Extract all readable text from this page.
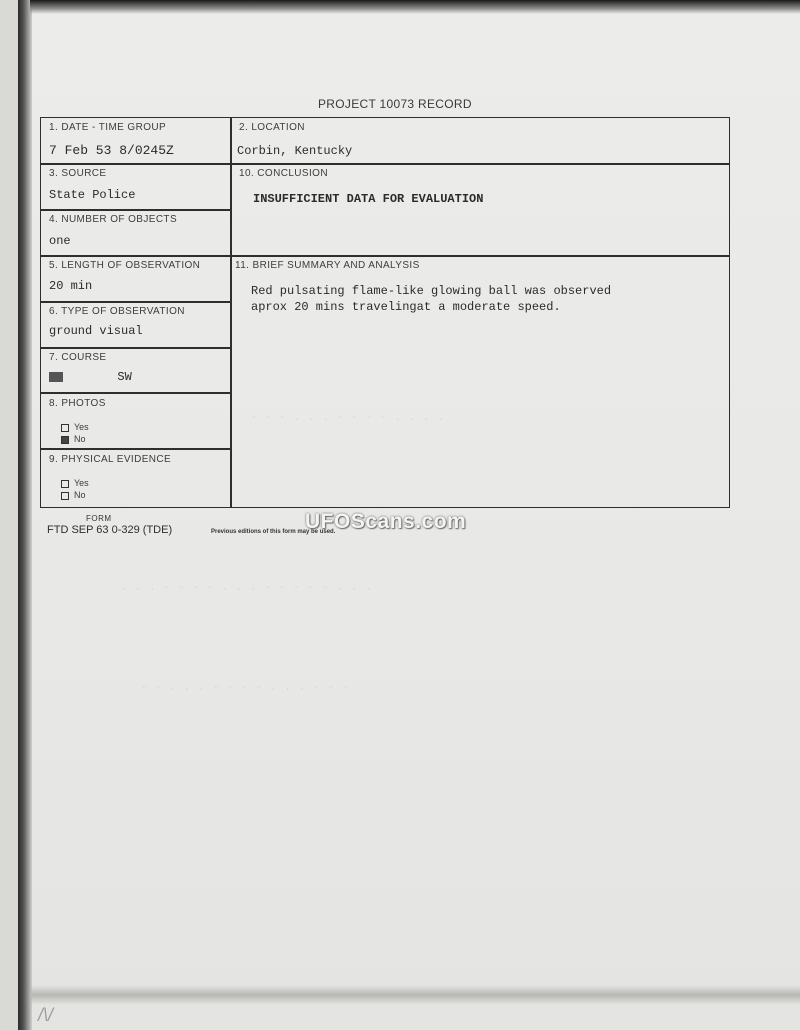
- - - . . . - - - - . . . .
. . . - - - - . . . - - - - - . . .
- - . . . - - - - . . . - - -
PROJECT 10073 RECORD
1. DATE - TIME GROUP
7 Feb 53 8/0245Z
2. LOCATION
Corbin, Kentucky
3. SOURCE
State Police
10. CONCLUSION
INSUFFICIENT DATA FOR EVALUATION
4. NUMBER OF OBJECTS
one
5. LENGTH OF OBSERVATION
20 min
11. BRIEF SUMMARY AND ANALYSIS
Red pulsating flame-like glowing ball was observed
aprox 20 mins travelingat a moderate speed.
6. TYPE OF OBSERVATION
ground visual
7. COURSE
SW
8. PHOTOS
Yes
No
9. PHYSICAL EVIDENCE
Yes
No
FORM
FTD SEP 63 0-329 (TDE)	Previous editions of this form may be used.
UFOScans.com
/\/
